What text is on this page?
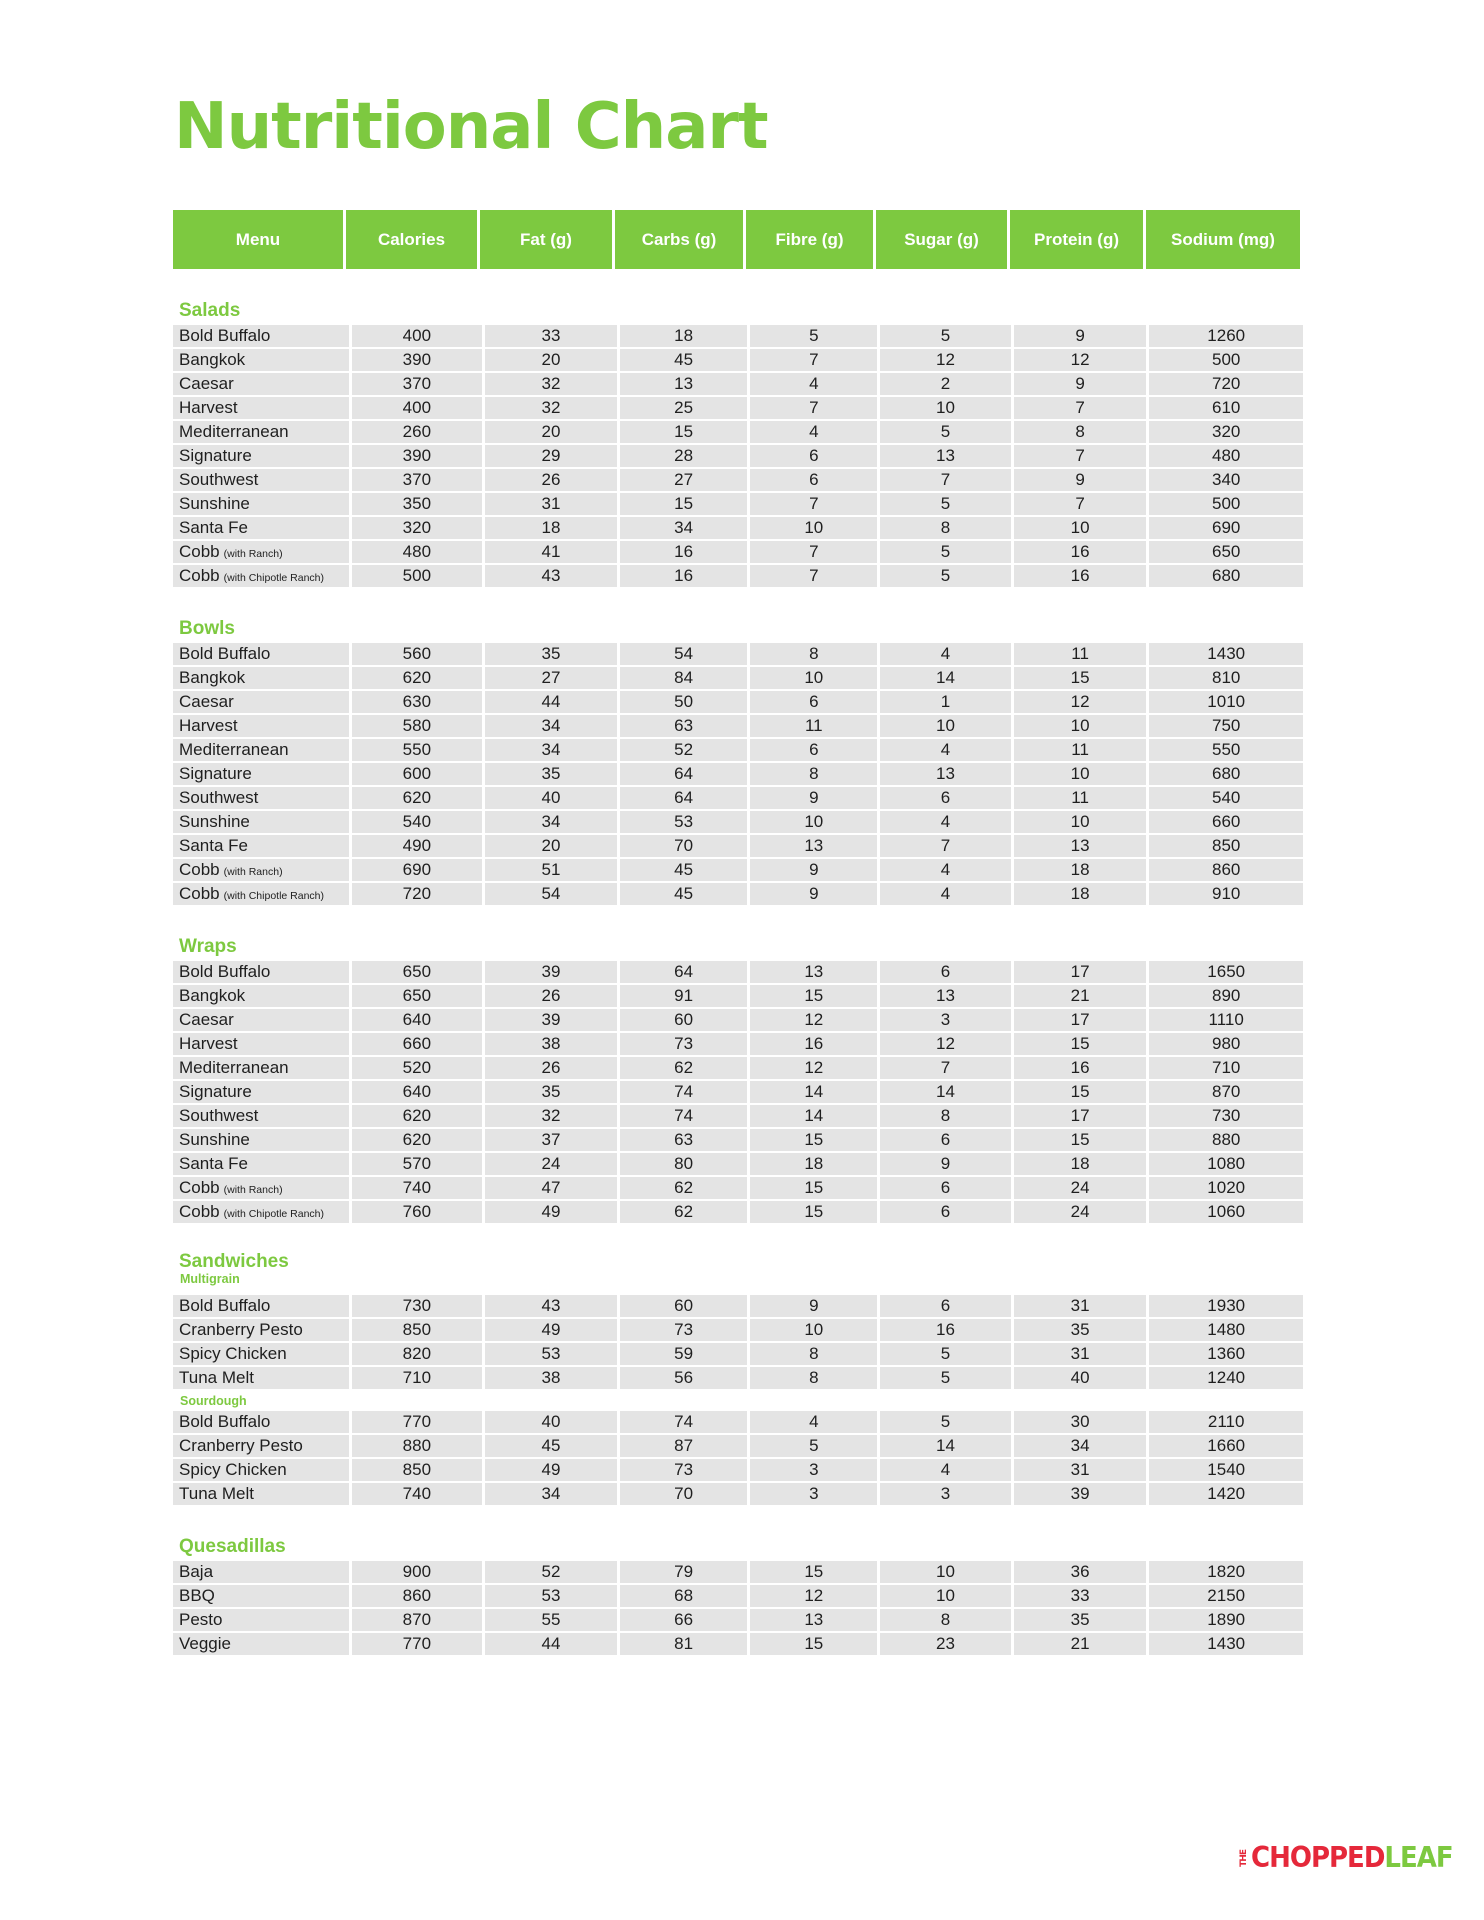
Nutritional Chart
Menu	Calories	Fat (g)	Carbs (g)	Fibre (g)	Sugar (g)	Protein (g)	Sodium (mg)
Salads
Bold Buffalo	400	33	18	5	5	9	1260
Bangkok	390	20	45	7	12	12	500
Caesar	370	32	13	4	2	9	720
Harvest	400	32	25	7	10	7	610
Mediterranean	260	20	15	4	5	8	320
Signature	390	29	28	6	13	7	480
Southwest	370	26	27	6	7	9	340
Sunshine	350	31	15	7	5	7	500
Santa Fe	320	18	34	10	8	10	690
Cobb (with Ranch)	480	41	16	7	5	16	650
Cobb (with Chipotle Ranch)	500	43	16	7	5	16	680
Bowls
Bold Buffalo	560	35	54	8	4	11	1430
Bangkok	620	27	84	10	14	15	810
Caesar	630	44	50	6	1	12	1010
Harvest	580	34	63	11	10	10	750
Mediterranean	550	34	52	6	4	11	550
Signature	600	35	64	8	13	10	680
Southwest	620	40	64	9	6	11	540
Sunshine	540	34	53	10	4	10	660
Santa Fe	490	20	70	13	7	13	850
Cobb (with Ranch)	690	51	45	9	4	18	860
Cobb (with Chipotle Ranch)	720	54	45	9	4	18	910
Wraps
Bold Buffalo	650	39	64	13	6	17	1650
Bangkok	650	26	91	15	13	21	890
Caesar	640	39	60	12	3	17	1110
Harvest	660	38	73	16	12	15	980
Mediterranean	520	26	62	12	7	16	710
Signature	640	35	74	14	14	15	870
Southwest	620	32	74	14	8	17	730
Sunshine	620	37	63	15	6	15	880
Santa Fe	570	24	80	18	9	18	1080
Cobb (with Ranch)	740	47	62	15	6	24	1020
Cobb (with Chipotle Ranch)	760	49	62	15	6	24	1060
Sandwiches
Multigrain
Bold Buffalo	730	43	60	9	6	31	1930
Cranberry Pesto	850	49	73	10	16	35	1480
Spicy Chicken	820	53	59	8	5	31	1360
Tuna Melt	710	38	56	8	5	40	1240
Sourdough
Bold Buffalo	770	40	74	4	5	30	2110
Cranberry Pesto	880	45	87	5	14	34	1660
Spicy Chicken	850	49	73	3	4	31	1540
Tuna Melt	740	34	70	3	3	39	1420
Quesadillas
Baja	900	52	79	15	10	36	1820
BBQ	860	53	68	12	10	33	2150
Pesto	870	55	66	13	8	35	1890
Veggie	770	44	81	15	23	21	1430
THE CHOPPED LEAF
